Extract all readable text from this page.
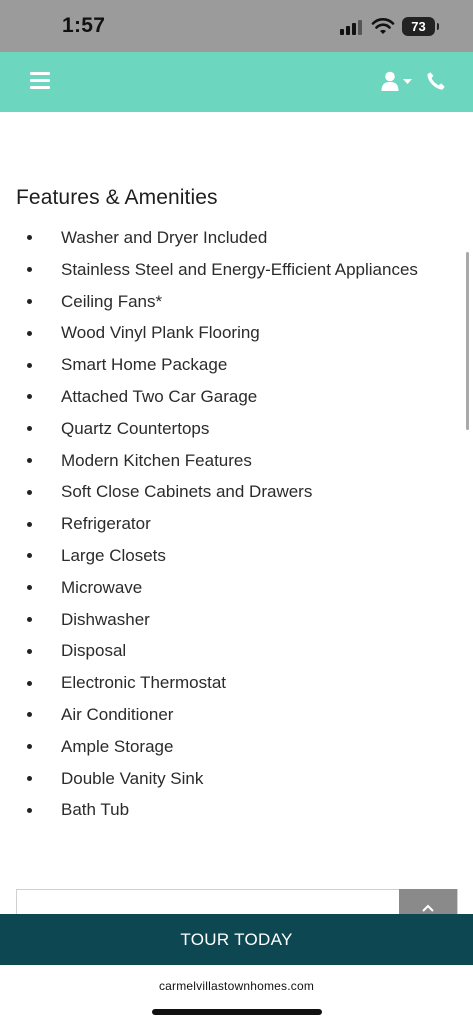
1:57	73
Features & Amenities
Washer and Dryer Included
Stainless Steel and Energy-Efficient Appliances
Ceiling Fans*
Wood Vinyl Plank Flooring
Smart Home Package
Attached Two Car Garage
Quartz Countertops
Modern Kitchen Features
Soft Close Cabinets and Drawers
Refrigerator
Large Closets
Microwave
Dishwasher
Disposal
Electronic Thermostat
Air Conditioner
Ample Storage
Double Vanity Sink
Bath Tub
TOUR TODAY
carmelvillastownhomes.com
